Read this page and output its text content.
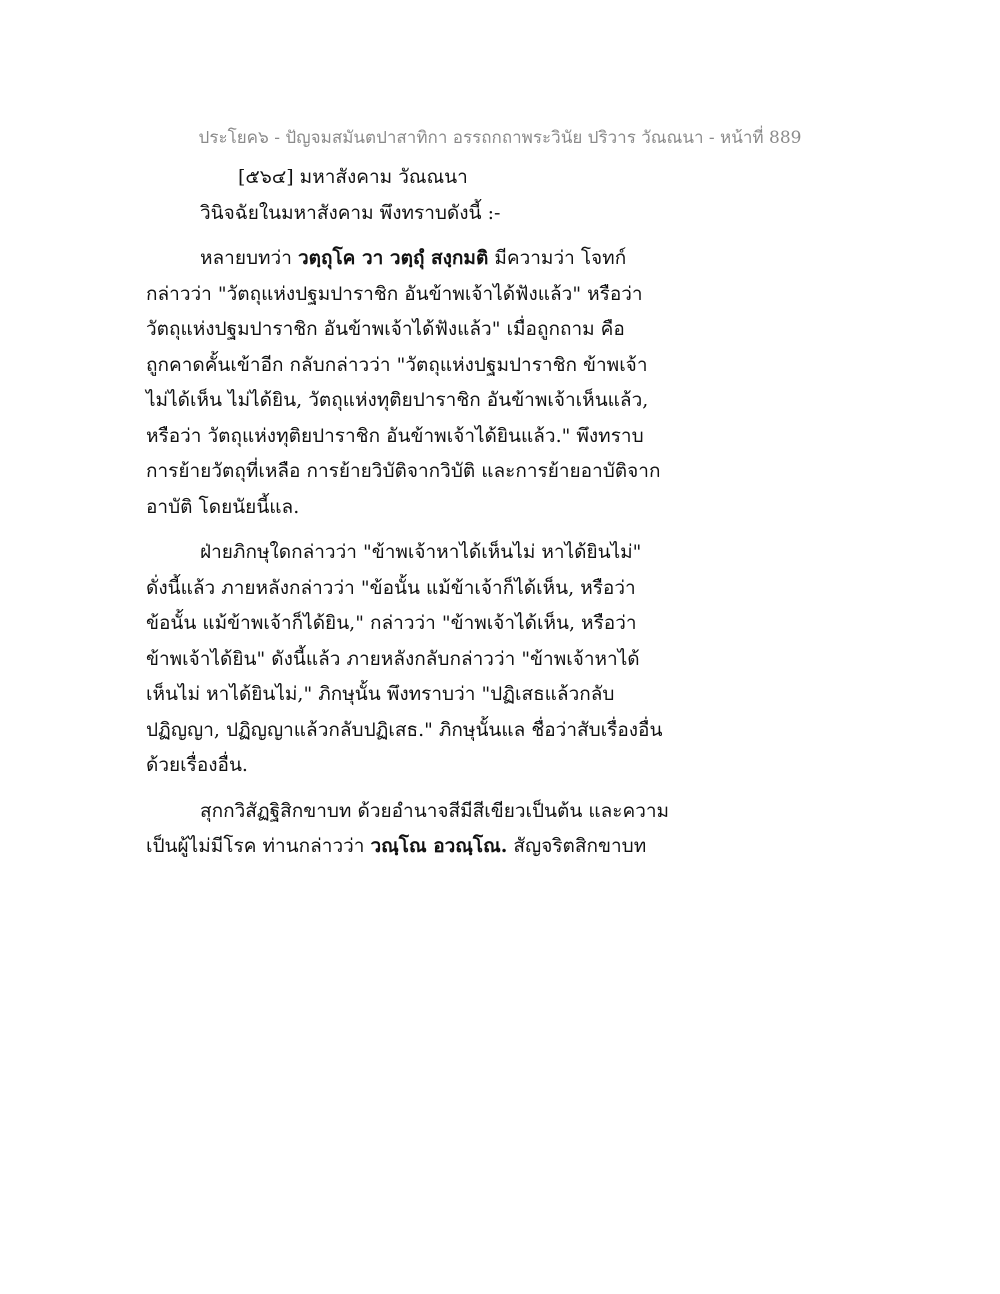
ประโยค๖ - ปัญจมสมันตปาสาทิกา อรรถกถาพระวินัย ปริวาร วัณณนา - หน้าที่ 889

[๕๖๔] มหาสังคาม วัณณนา

วินิจฉัยในมหาสังคาม พึงทราบดังนี้ :-

หลายบทว่า วตฺถุโค วา วตฺถุํ สงฺกมติ มีความว่า โจทก์

กล่าวว่า "วัตถุแห่งปฐมปาราชิก อันข้าพเจ้าได้ฟังแล้ว" หรือว่า

วัตถุแห่งปฐมปาราชิก อันข้าพเจ้าได้ฟังแล้ว" เมื่อถูกถาม คือ

ถูกคาดคั้นเข้าอีก กลับกล่าวว่า "วัตถุแห่งปฐมปาราชิก ข้าพเจ้า

ไม่ได้เห็น ไม่ได้ยิน, วัตถุแห่งทุติยปาราชิก อันข้าพเจ้าเห็นแล้ว,

หรือว่า วัตถุแห่งทุติยปาราชิก อันข้าพเจ้าได้ยินแล้ว." พึงทราบ

การย้ายวัตถุที่เหลือ การย้ายวิบัติจากวิบัติ และการย้ายอาบัติจาก

อาบัติ โดยนัยนี้แล.

ฝ่ายภิกษุใดกล่าวว่า "ข้าพเจ้าหาได้เห็นไม่ หาได้ยินไม่"

ดั่งนี้แล้ว ภายหลังกล่าวว่า "ข้อนั้น แม้ข้าเจ้าก็ได้เห็น, หรือว่า

ข้อนั้น แม้ข้าพเจ้าก็ได้ยิน," กล่าวว่า "ข้าพเจ้าได้เห็น, หรือว่า

ข้าพเจ้าได้ยิน" ดังนี้แล้ว ภายหลังกลับกล่าวว่า "ข้าพเจ้าหาได้

เห็นไม่ หาได้ยินไม่," ภิกษุนั้น พึงทราบว่า "ปฏิเสธแล้วกลับ

ปฏิญญา, ปฏิญญาแล้วกลับปฏิเสธ." ภิกษุนั้นแล ชื่อว่าสับเรื่องอื่น

ด้วยเรื่องอื่น.

สุกกวิสัฏฐิสิกขาบท ด้วยอำนาจสีมีสีเขียวเป็นต้น และความ

เป็นผู้ไม่มีโรค ท่านกล่าวว่า วณฺโณ อวณฺโณ. สัญจริตสิกขาบท
